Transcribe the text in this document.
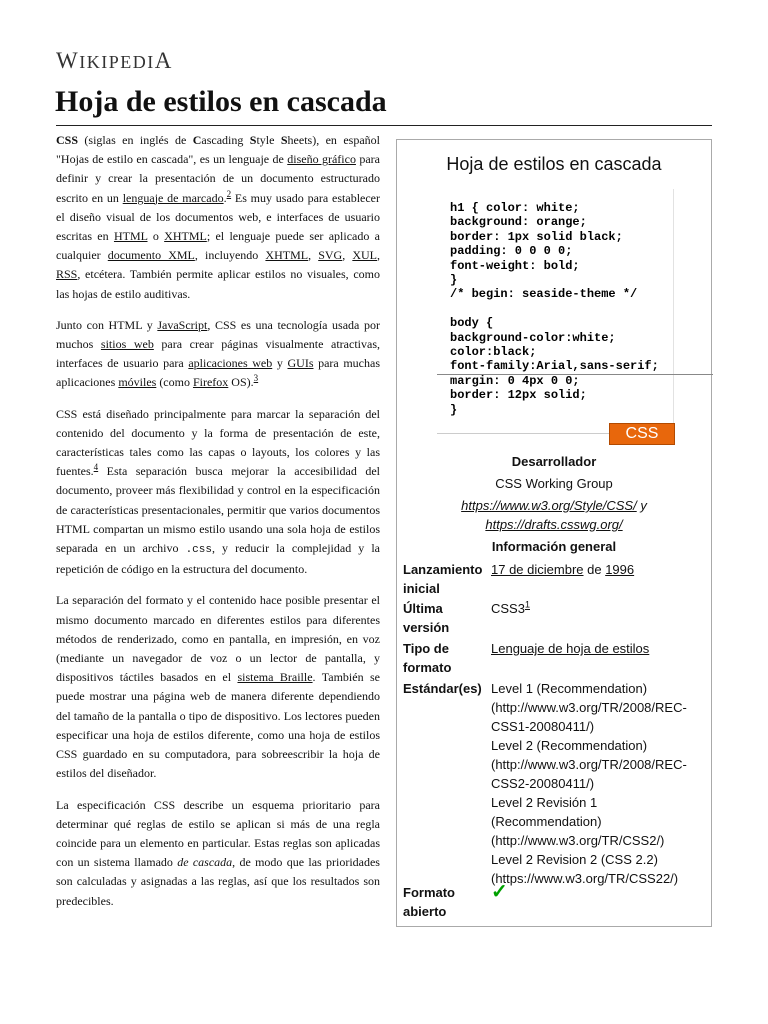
WIKIPEDIA
Hoja de estilos en cascada

CSS (siglas en inglés de Cascading Style Sheets), en español "Hojas de estilo en cascada", es un lenguaje de diseño gráfico para definir y crear la presentación de un documento estructurado escrito en un lenguaje de marcado.$^2$ Es muy usado para establecer el diseño visual de los documentos web, e interfaces de usuario escritas en HTML o XHTML; el lenguaje puede ser aplicado a cualquier documento XML, incluyendo XHTML, SVG, XUL, RSS, etcétera. También permite aplicar estilos no visuales, como las hojas de estilo auditivas.

Junto con HTML y JavaScript, CSS es una tecnología usada por muchos sitios web para crear páginas visualmente atractivas, interfaces de usuario para aplicaciones web y GUIs para muchas aplicaciones móviles (como Firefox OS).$^3$

CSS está diseñado principalmente para marcar la separación del contenido del documento y la forma de presentación de este, características tales como las capas o layouts, los colores y las fuentes.$^4$ Esta separación busca mejorar la accesibilidad del documento, proveer más flexibilidad y control en la especificación de características presentacionales, permitir que varios documentos HTML compartan un mismo estilo usando una sola hoja de estilos separada en un archivo .css, y reducir la complejidad y la repetición de código en la estructura del documento.

La separación del formato y el contenido hace posible presentar el mismo documento marcado en diferentes estilos para diferentes métodos de renderizado, como en pantalla, en impresión, en voz (mediante un navegador de voz o un lector de pantalla, y dispositivos táctiles basados en el sistema Braille. También se puede mostrar una página web de manera diferente dependiendo del tamaño de la pantalla o tipo de dispositivo. Los lectores pueden especificar una hoja de estilos diferente, como una hoja de estilos CSS guardado en su computadora, para sobreescribir la hoja de estilos del diseñador.

La especificación CSS describe un esquema prioritario para determinar qué reglas de estilo se aplican si más de una regla coincide para un elemento en particular. Estas reglas son aplicadas con un sistema llamado de cascada, de modo que las prioridades son calculadas y asignadas a las reglas, así que los resultados son predecibles.

Hoja de estilos en cascada
h1 { color: white;
background: orange;
border: 1px solid black;
padding: 0 0 0 0;
font-weight: bold;
}
/* begin: seaside-theme */

body {
background-color:white;
color:black;
font-family:Arial,sans-serif;
margin: 0 4px 0 0;
border: 12px solid;
}
CSS
Desarrollador
CSS Working Group
https://www.w3.org/Style/CSS/ y
https://drafts.csswg.org/
Información general
Lanzamiento inicial
17 de diciembre de 1996
Última versión
$CSS3^1$
Tipo de formato
Lenguaje de hoja de estilos
Estándar(es) Level 1 (Recommendation) (http://www.w3.org/TR/2008/REC-CSS1-20080411/)
Level 2 (Recommendation) (http://www.w3.org/TR/2008/REC-CSS2-20080411/)
Level 2 Revisión 1 (Recommendation) (http://www.w3.org/TR/CSS2/)
Level 2 Revision 2 (CSS 2.2) (https://www.w3.org/TR/CSS22/)
Formato abierto
✓
